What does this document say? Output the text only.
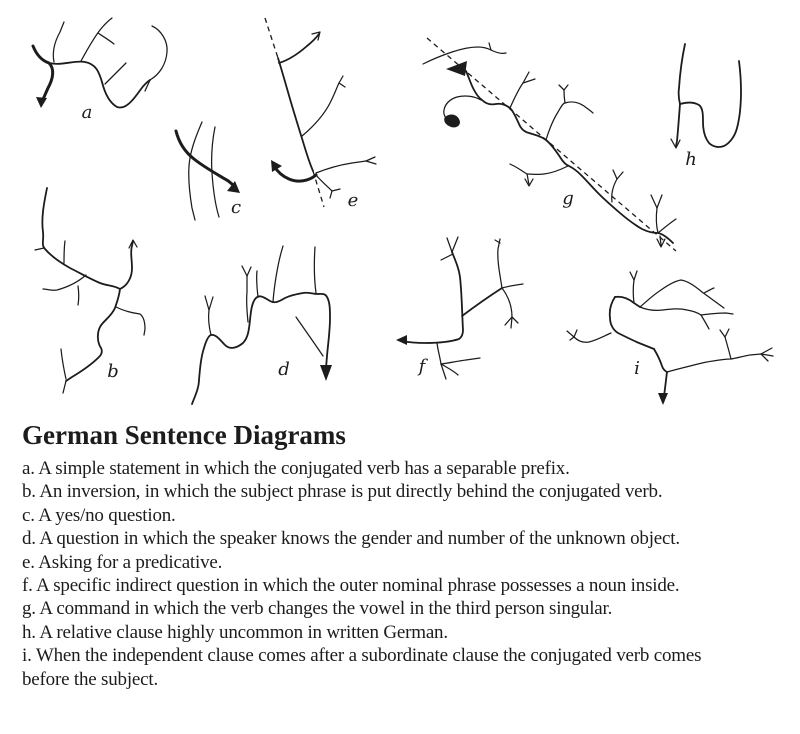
a
b
c
d
e
f
g
h
i
German Sentence Diagrams
a. A simple statement in which the conjugated verb has a separable prefix.
b. An inversion, in which the subject phrase is put directly behind the conjugated verb.
c. A yes/no question.
d. A question in which the speaker knows the gender and number of the unknown object.
e. Asking for a predicative.
f. A specific indirect question in which the outer nominal phrase possesses a noun inside.
g. A command in which the verb changes the vowel in the third person singular.
h. A relative clause highly uncommon in written German.
i. When the independent clause comes after a subordinate clause the conjugated verb comes
before the subject.
